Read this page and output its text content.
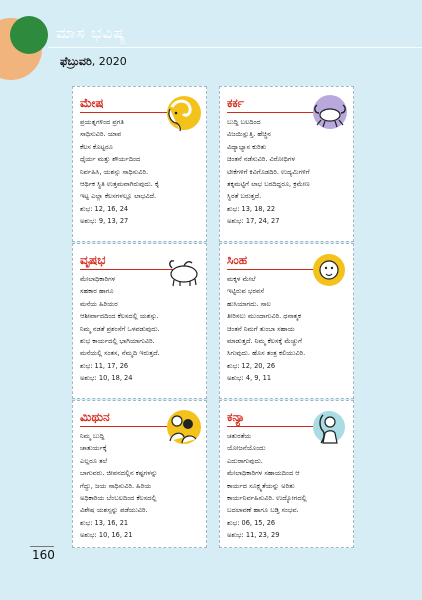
ಮಾಸ ಭವಿಷ್ಯ
ಫೆಬ್ರುವರಿ, 2020
ಮೇಷ

ಪ್ರಯತ್ನಗಳಿಂದ ಪ್ರಗತಿ

ಸಾಧಿಸುವಿರಿ. ಯಾವ

ಕೆಲಸ ಕೊಟ್ಟರೂ

ಧೈರ್ಯ ಮತ್ತು ಶೌರ್ಯದಿಂದ

ನಿರ್ವಹಿಸಿ, ಯಶಸ್ಸು ಸಾಧಿಸುವಿರಿ.

ಆರ್ಥಿಕ ಸ್ಥಿತಿ ಉತ್ತಮವಾಗಿರುವುದು. ಕೈ

ಇಟ್ಟ ಎಲ್ಲಾ ಕೆಲಸಗಳಲ್ಲೂ ಲಾಭವಿದೆ.

ಶುಭ: 12, 16, 24

ಅಶುಭ: 9, 13, 27

ಕರ್ಕ

ಬುದ್ದಿ ಬಲದಿಂದ

ವಿಜಯಿಸ್ಲುತ್ತಿ. ಹೆಚ್ಚಿನ

ವಿದ್ಯಾಭ್ಯಾಸ ಕುರಿತು

ಚಿಂತನೆ ನಡೆಸುವಿರಿ. ವಿರೋಧಿಗಳ

ಟೀಕೆಗಳಿಗೆ ಕಿವಿಗೊಡದಿರಿ. ಉದ್ಯಮಿಗಳಿಗೆ

ತಕ್ಕಮಟ್ಟಿಗೆ ಲಾಭ ಬರದಿದ್ದರೂ, ಕ್ರಮೇಣ

ಸ್ಥಿರತೆ ಬರುತ್ತದೆ.

ಶುಭ: 13, 18, 22

ಅಶುಭ: 17, 24, 27

ವೃಷಭ

ಮೇಲಾಧಿಕಾರಿಗಳ

ಸಹಕಾರ ಹಾಗೂ

ಮನೆಯ ಹಿರಿಯರ

ಆಶೀರ್ವಾದದಿಂದ ಕೆಲಸದಲ್ಲಿ ಯಶಸ್ಸು.

ನಿಮ್ಮ ನಡತೆ ಪ್ರಶಂಸೆಗೆ ಒಳಪಡುವುದು.

ಶುಭ ಕಾರ್ಯದಲ್ಲಿ ಭಾಗಿಯಾಗುವಿರಿ.

ಮನೆಯಲ್ಲಿ ಸಂತಸ, ನೆಮ್ಮದಿ ಇರುತ್ತದೆ.

ಶುಭ: 11, 17, 26

ಅಶುಭ: 10, 18, 24

ಸಿಂಹ

ಮಕ್ಕಳ ಮೇಲೆ

ಇಟ್ಟಿರುವ ಭರವಸೆ

ಹುಸಿಯಾಗದು. ಸಾಲ

ತೀರಿಸಲು ಮುಂದಾಗುವಿರಿ. ಧನಾತ್ಮಕ

ಚಿಂತನೆ ನಿಮಗೆ ತುಂಬಾ ಸಹಾಯ

ಮಾಡುತ್ತದೆ. ನಿಮ್ಮ ಕೆಲಸಕ್ಕೆ ಮೆಚ್ಚುಗೆ

ಸಿಗುವುದು. ಹೊಸ ತಂತ್ರ ಕಲಿಯುವಿರಿ.

ಶುಭ: 12, 20, 26

ಅಶುಭ: 4, 9, 11

ಮಿಥುನ

ನಿಮ್ಮ ಬುದ್ದಿ

ಚಾತುರ್ಯಕ್ಕೆ

ಎಲ್ಲರೂ ತಲೆ

ಬಾಗುವರು. ಜೀವನದಲ್ಲಿನ ಕಷ್ಟಗಳನ್ನು

ಗೆದ್ದು, ಜಯ ಸಾಧಿಸುವಿರಿ. ಹಿರಿಯ

ಅಧಿಕಾರಿಯ ಬೆಂಬಲದಿಂದ ಕೆಲಸದಲ್ಲಿ

ವಿಶೇಷ ಯಶಸ್ಸನ್ನು ಪಡೆಯುವಿರಿ.

ಶುಭ: 13, 16, 21

ಅಶುಭ: 10, 16, 21

ಕನ್ಯಾ

ಚತುರತೆಯ

ಯೋಜನೆಯೊಂದು

ಎದುರಾಗುವುದು.

ಮೇಲಾಧಿಕಾರಿಗಳ ಸಹಾಯದಿಂದ ಆ

ಕಾರ್ಯದ ಸೂಕ್ಷ್ಮತೆಯನ್ನು ಅರಿತು

ಕಾರ್ಯನಿರ್ವಹಿಸುವಿರಿ. ಉದ್ಯೋಗದಲ್ಲಿ

ಬದಲಾವಣೆ ಹಾಗೂ ಬಡ್ತಿ ಸಂಭವ.

ಶುಭ: 06, 15, 26

ಅಶುಭ: 11, 23, 29

160
